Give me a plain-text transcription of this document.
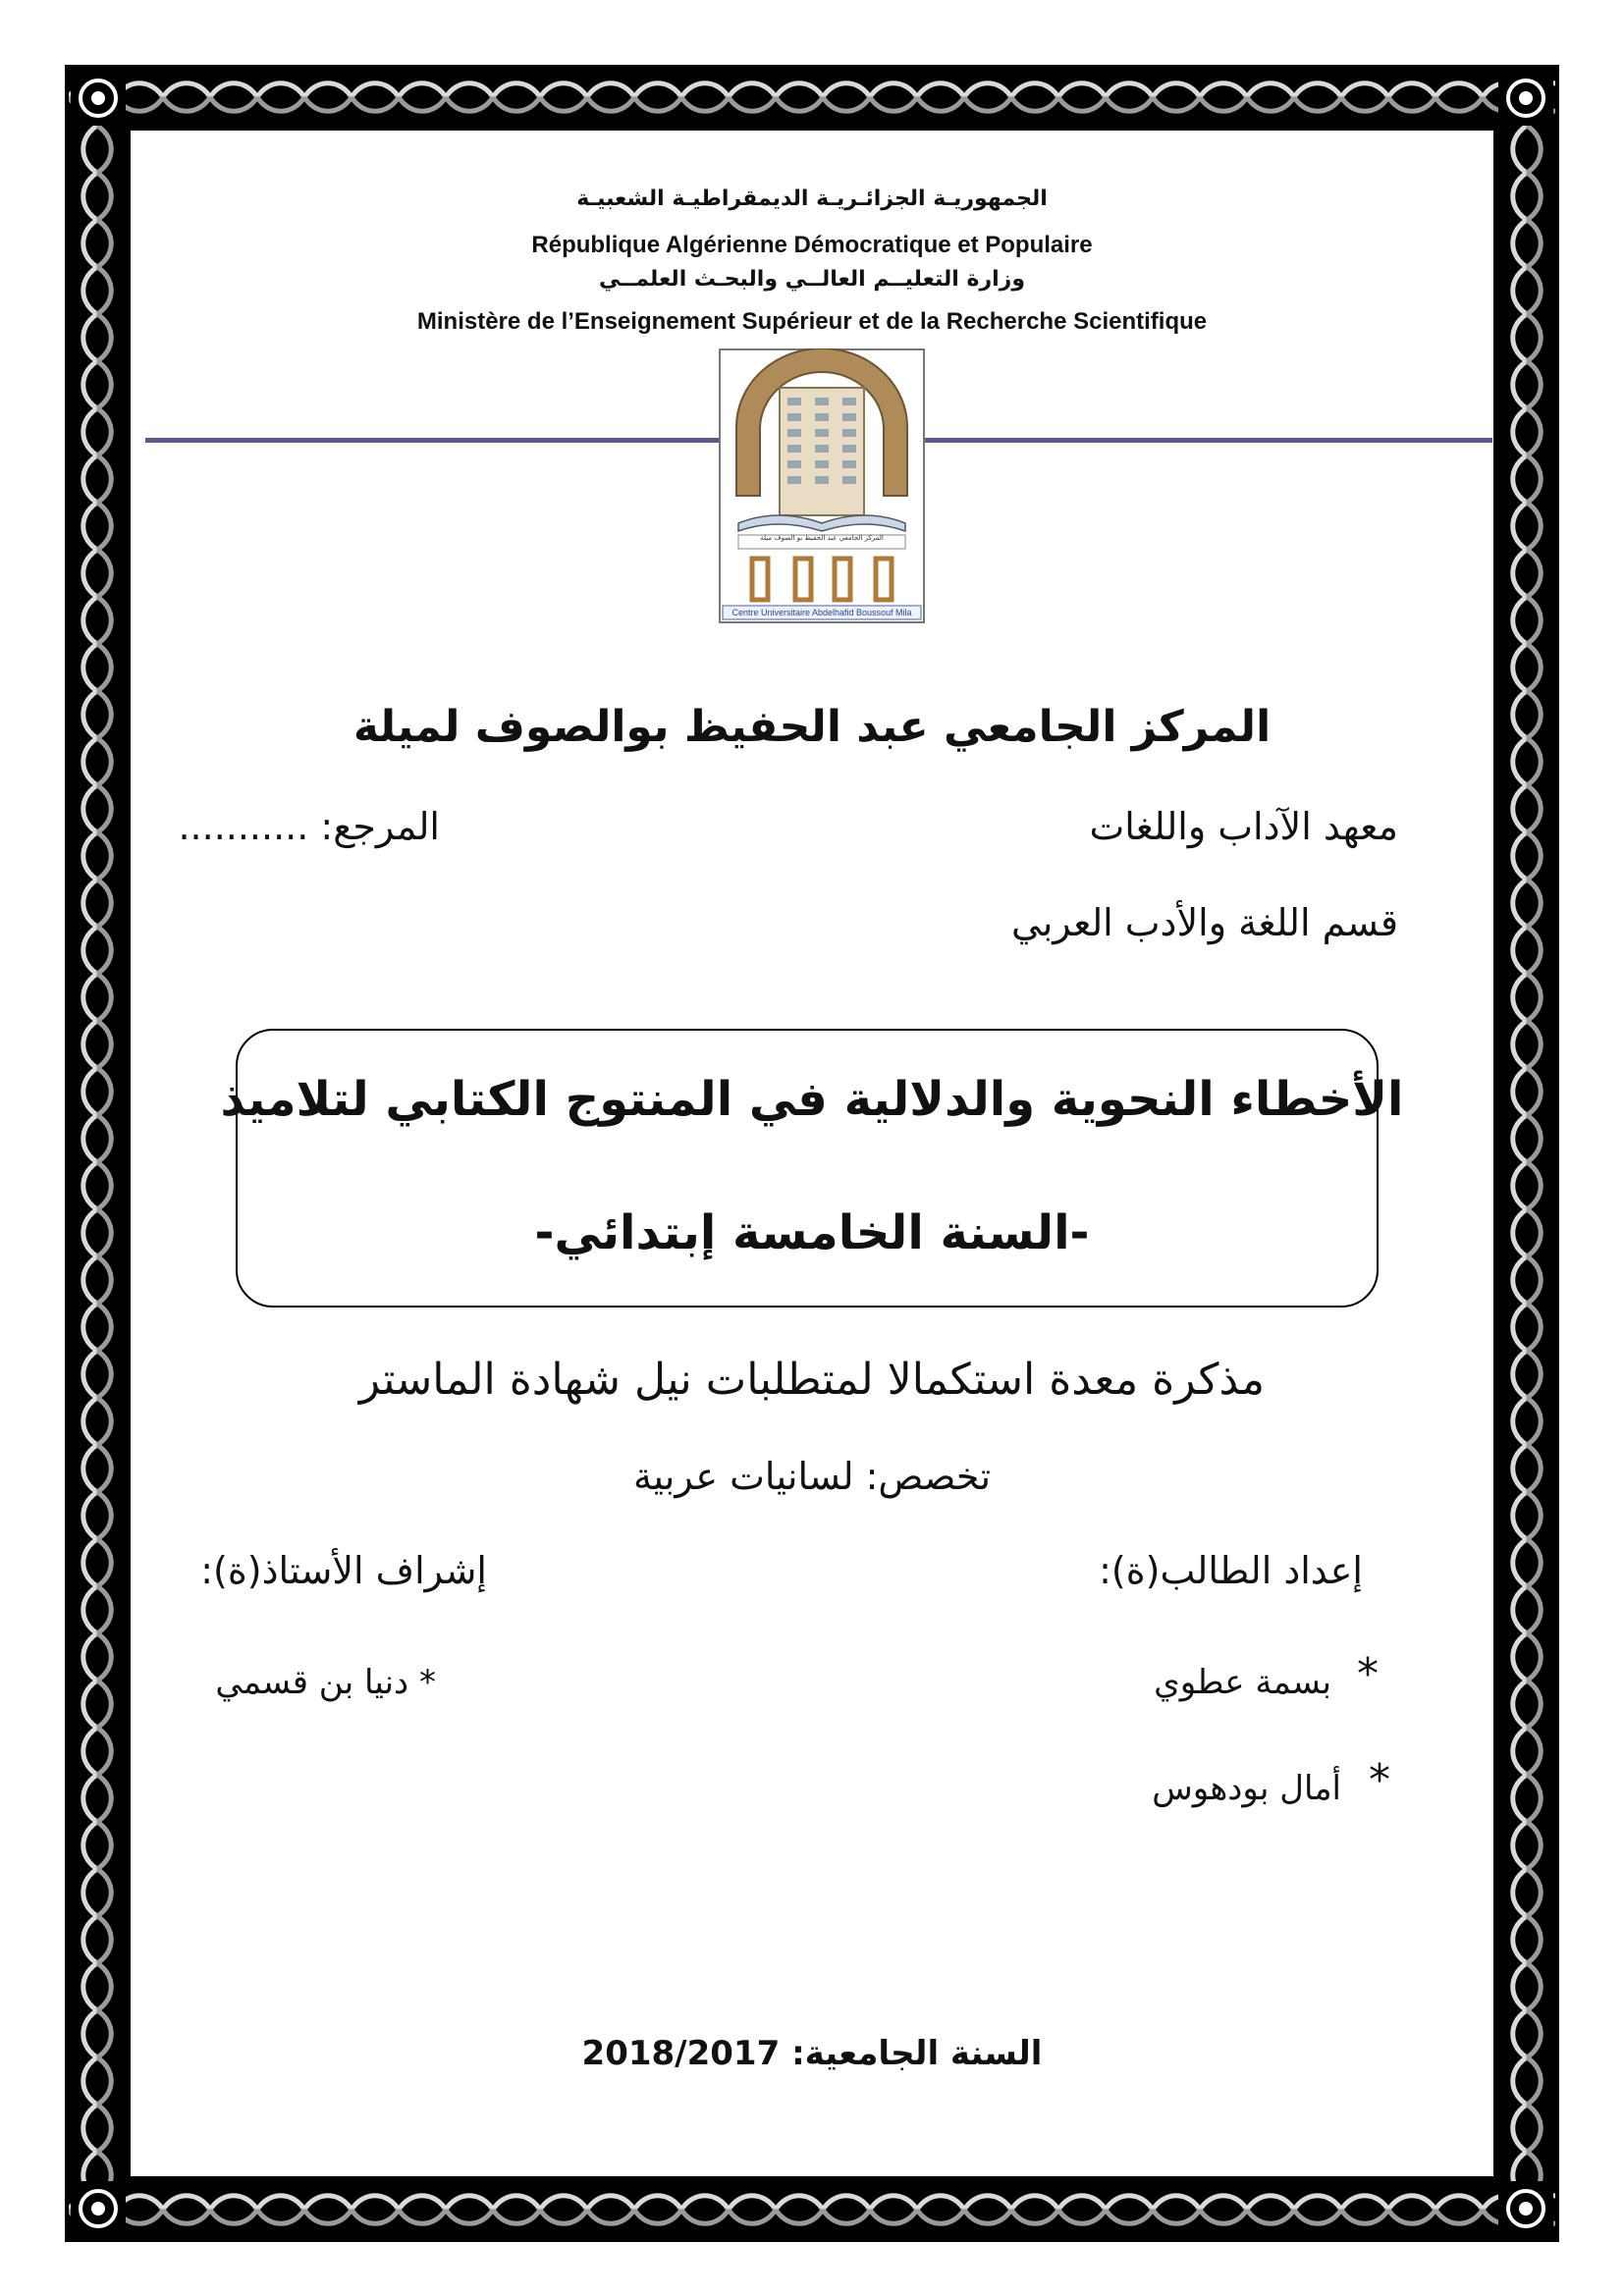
الجمهوريـة الجزائـريـة الديمقراطيـة الشعبيـة
République Algérienne Démocratique et Populaire
وزارة التعليــم العالــي والبحـث العلمــي
Ministère de l’Enseignement Supérieur et de la Recherche Scientifique
المركز الجامعي عبد الحفيظ بو الصوف ميلة
Centre Universitaire Abdelhafid Boussouf Mila
المركز الجامعي عبد الحفيظ بوالصوف لميلة
معهد الآداب واللغات
المرجع: ...........
قسم اللغة والأدب العربي
الأخطاء النحوية والدلالية في المنتوج الكتابي لتلاميذ
-السنة الخامسة إبتدائي-
مذكرة معدة استكمالا لمتطلبات نيل شهادة الماستر
تخصص: لسانيات عربية
إعداد الطالب(ة):
إشراف الأستاذ(ة):
*
بسمة عطوي
* دنيا بن قسمي
*
أمال بودهوس
السنة الجامعية: 2018/2017
